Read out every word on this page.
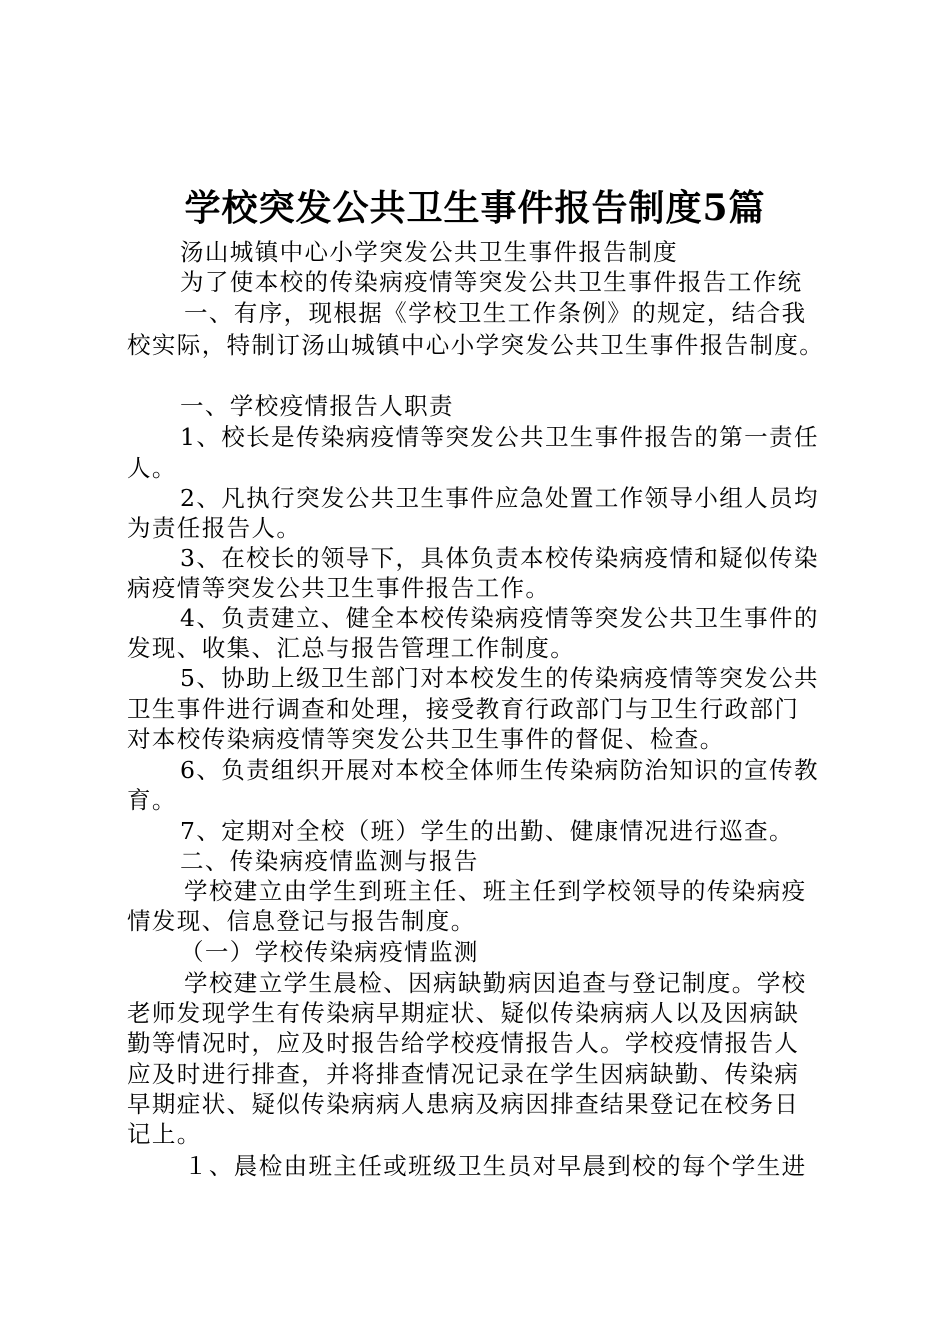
学校突发公共卫生事件报告制度5篇
汤山城镇中心小学突发公共卫生事件报告制度
为了使本校的传染病疫情等突发公共卫生事件报告工作统
一、有序，现根据《学校卫生工作条例》的规定，结合我
校实际，特制订汤山城镇中心小学突发公共卫生事件报告制度。
一、学校疫情报告人职责
1、校长是传染病疫情等突发公共卫生事件报告的第一责任
人。
2、凡执行突发公共卫生事件应急处置工作领导小组人员均
为责任报告人。
3、在校长的领导下，具体负责本校传染病疫情和疑似传染
病疫情等突发公共卫生事件报告工作。
4、负责建立、健全本校传染病疫情等突发公共卫生事件的
发现、收集、汇总与报告管理工作制度。
5、协助上级卫生部门对本校发生的传染病疫情等突发公共
卫生事件进行调查和处理，接受教育行政部门与卫生行政部门
对本校传染病疫情等突发公共卫生事件的督促、检查。
6、负责组织开展对本校全体师生传染病防治知识的宣传教
育。
7、定期对全校（班）学生的出勤、健康情况进行巡查。
二、传染病疫情监测与报告
学校建立由学生到班主任、班主任到学校领导的传染病疫
情发现、信息登记与报告制度。
（一）学校传染病疫情监测
学校建立学生晨检、因病缺勤病因追查与登记制度。学校
老师发现学生有传染病早期症状、疑似传染病病人以及因病缺
勤等情况时，应及时报告给学校疫情报告人。学校疫情报告人
应及时进行排查，并将排查情况记录在学生因病缺勤、传染病
早期症状、疑似传染病病人患病及病因排查结果登记在校务日
记上。
１、晨检由班主任或班级卫生员对早晨到校的每个学生进
